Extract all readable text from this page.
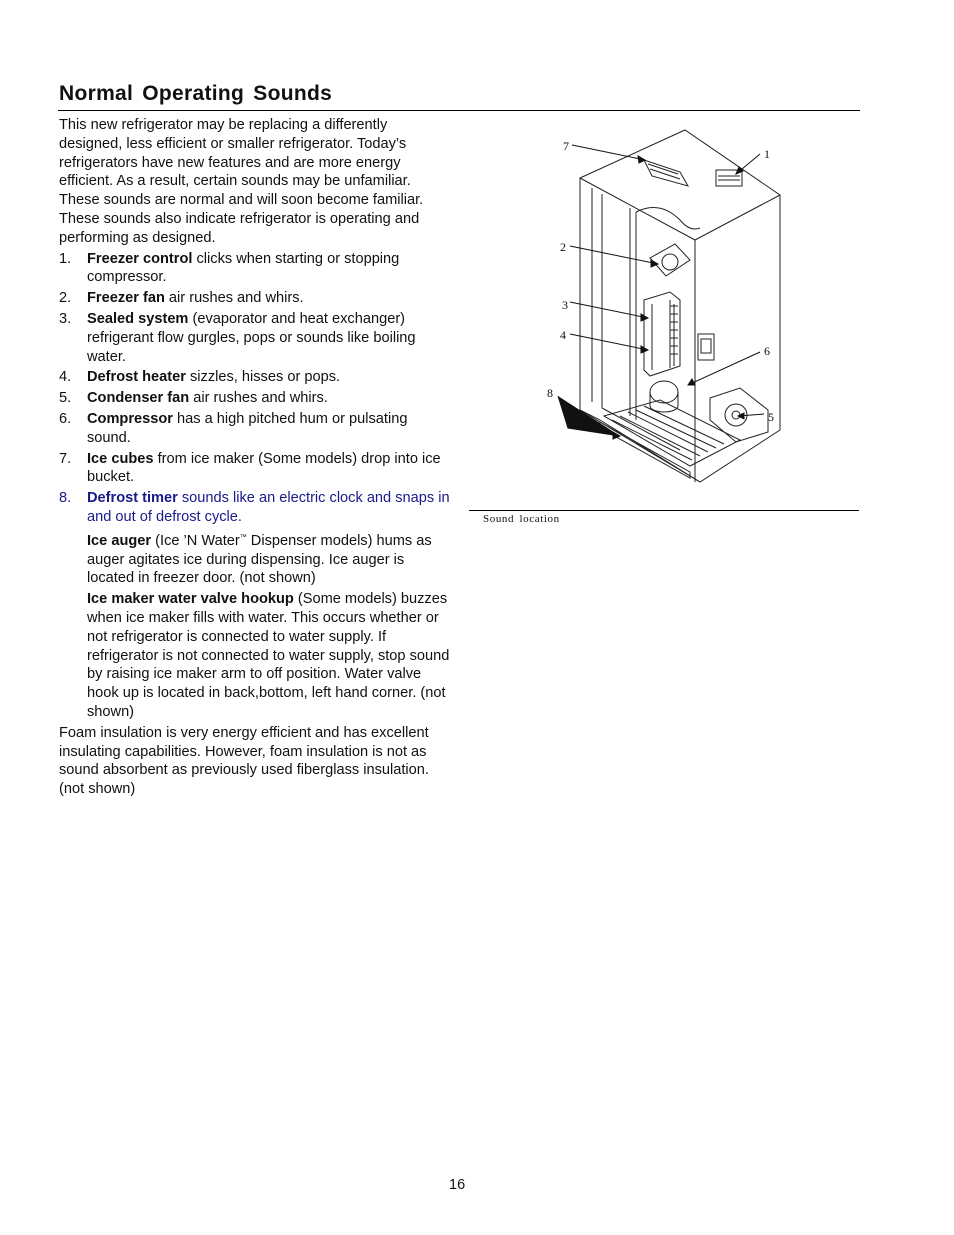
Normal Operating Sounds

This new refrigerator may be replacing a differently designed, less efficient or smaller refrigerator. Today’s refrigerators have new features and are more energy efficient. As a result, certain sounds may be unfamiliar. These sounds are normal and will soon become familiar. These sounds also indicate refrigerator is operating and performing as designed.

1. Freezer control clicks when starting or stopping compressor.
2. Freezer fan air rushes and whirs.
3. Sealed system (evaporator and heat exchanger) refrigerant flow gurgles, pops or sounds like boiling water.
4. Defrost heater sizzles, hisses or pops.
5. Condenser fan air rushes and whirs.
6. Compressor has a high pitched hum or pulsating sound.
7. Ice cubes from ice maker (Some models) drop into ice bucket.
8. Defrost timer sounds like an electric clock and snaps in and out of defrost cycle.
Ice auger (Ice ’N Water™ Dispenser models) hums as auger agitates ice during dispensing. Ice auger is located in freezer door. (not shown)
Ice maker water valve hookup (Some models) buzzes when ice maker fills with water. This occurs whether or not refrigerator is connected to water supply. If refrigerator is not connected to water supply, stop sound by raising ice maker arm to off position. Water valve hook up is located in back,bottom, left hand corner. (not shown)

Foam insulation is very energy efficient and has excellent insulating capabilities. However, foam insulation is not as sound absorbent as previously used fiberglass insulation. (not shown)

7
1
2
3
4
6
8
5
Sound location
16
